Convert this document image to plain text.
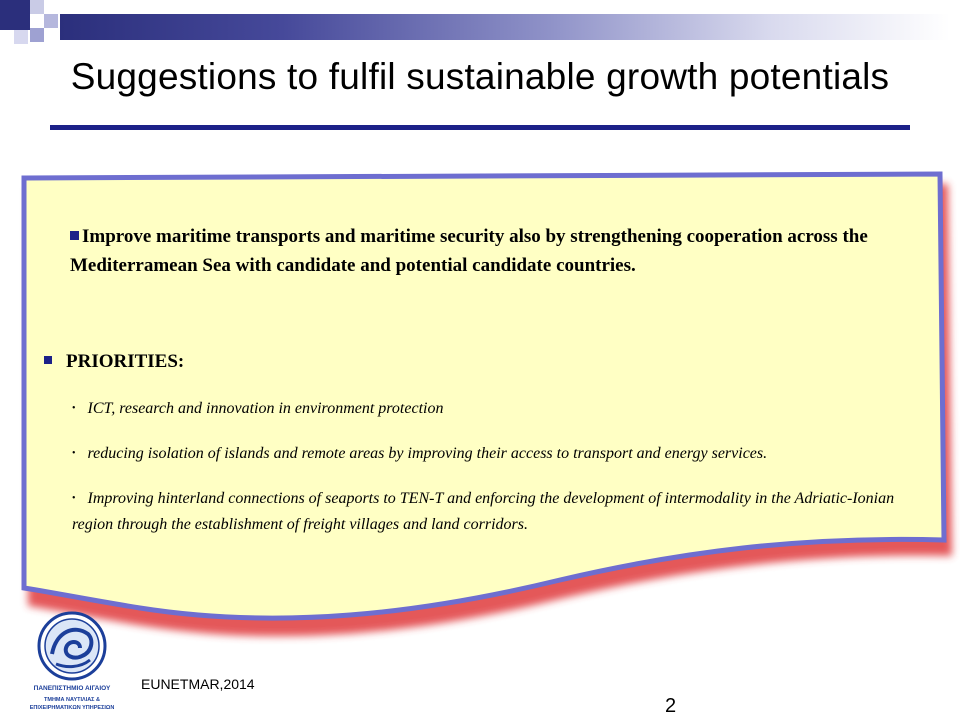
Suggestions to fulfil sustainable growth potentials

Improve maritime transports and maritime security also by strengthening cooperation across the Mediterramean Sea with candidate and potential candidate countries.

PRIORITIES:
• ICT, research and innovation in environment protection
• reducing isolation of islands and remote areas by improving their access to transport and energy services.
• Improving hinterland connections of seaports to TEN-T and enforcing the development of intermodality in the Adriatic-Ionian region through the establishment of freight villages and land corridors.
ΠΑΝΕΠΙΣΤΗΜΙΟ ΑΙΓΑΙΟΥ
ΤΜΗΜΑ ΝΑΥΤΙΛΙΑΣ &
ΕΠΙΧΕΙΡΗΜΑΤΙΚΩΝ ΥΠΗΡΕΣΙΩΝ
EUNETMAR,2014
2
